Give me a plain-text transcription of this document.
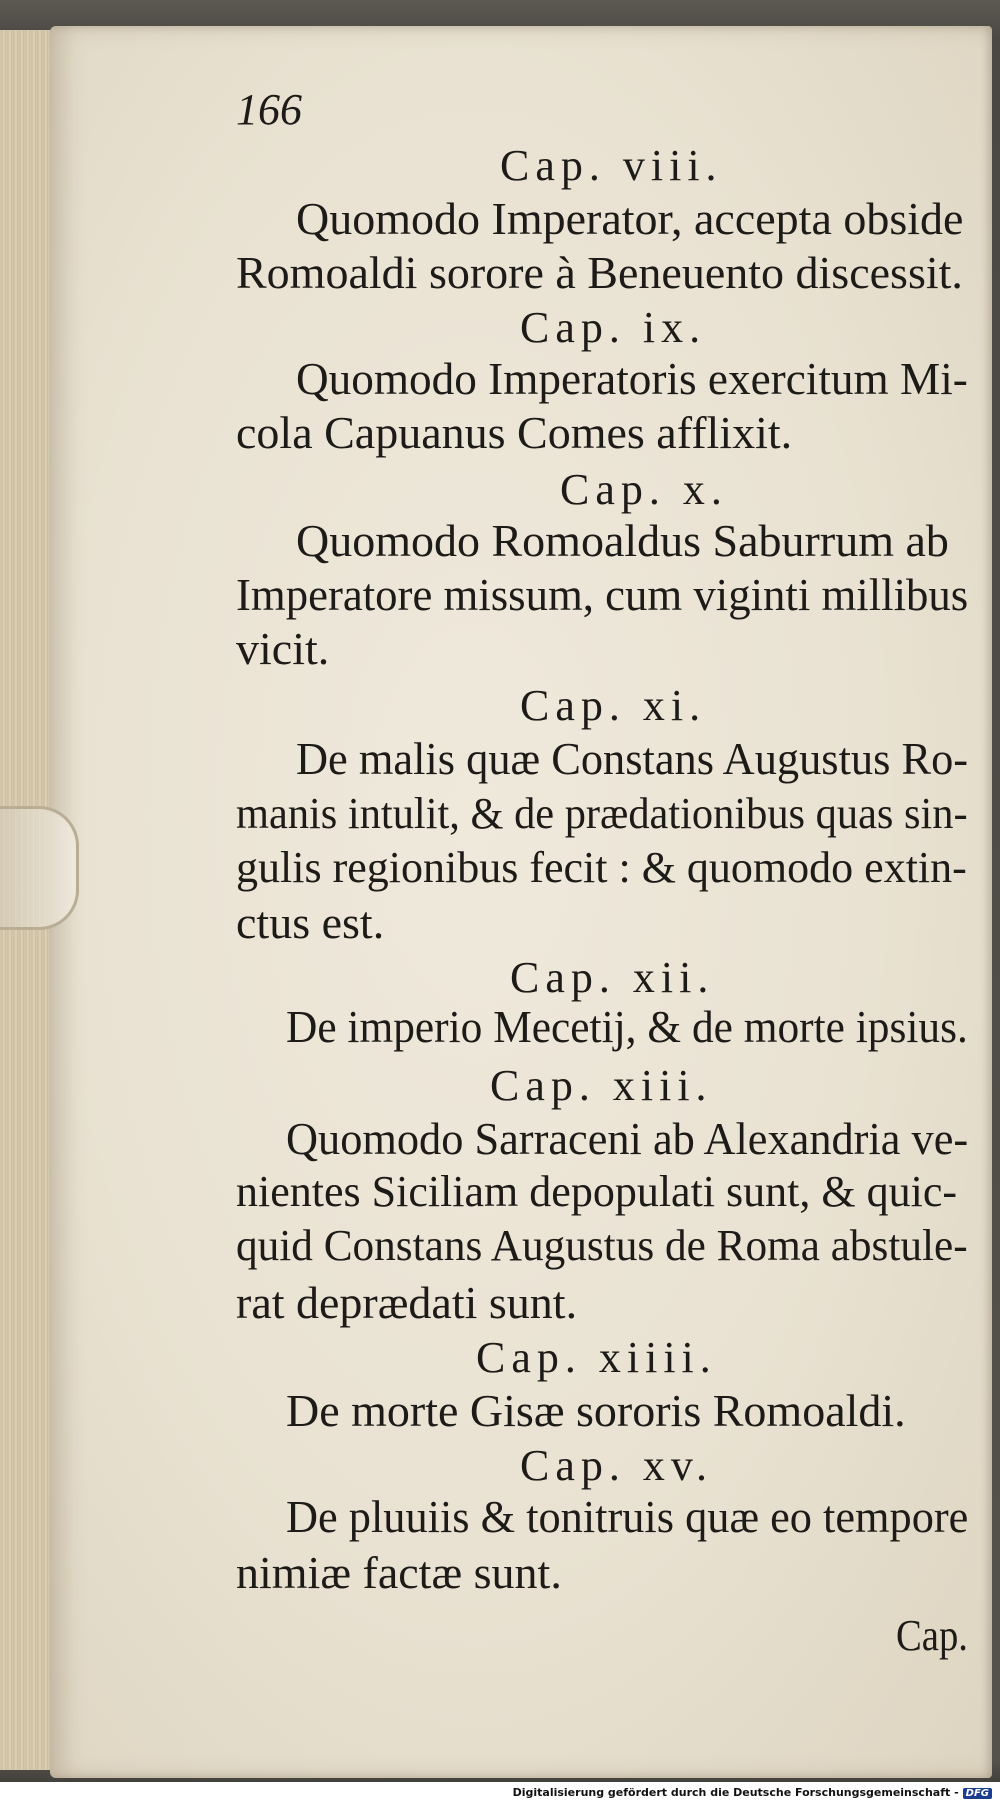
166
Cap. viii.
Quomodo Imperator, accepta obside
Romoaldi sorore à Beneuento discessit.
Cap. ix.
Quomodo Imperatoris exercitum Mi-
cola Capuanus Comes afflixit.
Cap. x.
Quomodo Romoaldus Saburrum ab
Imperatore missum, cum viginti millibus
vicit.
Cap. xi.
De malis quæ Constans Augustus Ro-
manis intulit, & de prædationibus quas sin-
gulis regionibus fecit : & quomodo extin-
ctus est.
Cap. xii.
De imperio Mecetij, & de morte ipsius.
Cap. xiii.
Quomodo Sarraceni ab Alexandria ve-
nientes Siciliam depopulati sunt, & quic-
quid Constans Augustus de Roma abstule-
rat deprædati sunt.
Cap. xiiii.
De morte Gisæ sororis Romoaldi.
Cap. xv.
De pluuiis & tonitruis quæ eo tempore
nimiæ factæ sunt.
Cap.
Digitalisierung gefördert durch die Deutsche Forschungsgemeinschaft - DFG
